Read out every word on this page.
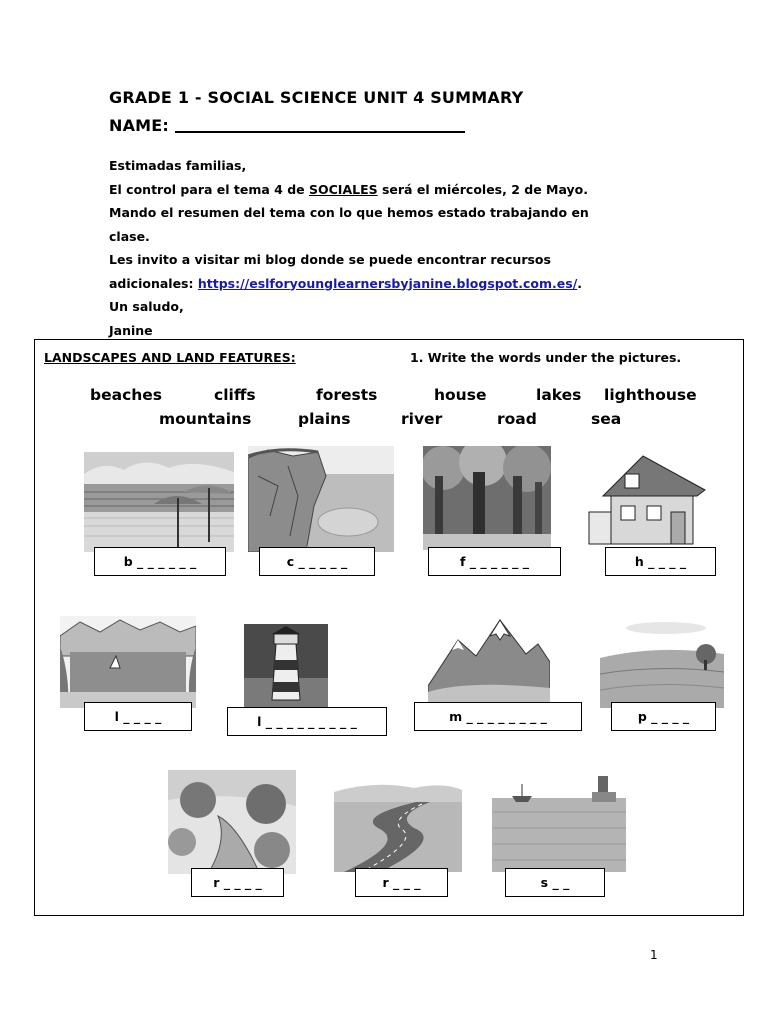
GRADE 1 - SOCIAL SCIENCE UNIT 4 SUMMARY
NAME:

Estimadas familias,

El control para el tema 4 de SOCIALES será el miércoles, 2 de Mayo.

Mando el resumen del tema con lo que hemos estado trabajando en

clase.

Les invito a visitar mi blog donde se puede encontrar recursos

adicionales: https://eslforyounglearnersbyjanine.blogspot.com.es/.

Un saludo,

Janine

LANDSCAPES AND LAND FEATURES:	1. Write the words under the pictures.
beaches	cliffs	forests	house	lakes lighthouse
mountains	plains	river	road	sea
b _ _ _ _ _ _	c _ _ _ _ _	f _ _ _ _ _ _	h _ _ _ _
l _ _ _ _	l _ _ _ _ _ _ _ _ _	m _ _ _ _ _ _ _ _	p _ _ _ _
r _ _ _ _	r _ _ _	s _ _
1
